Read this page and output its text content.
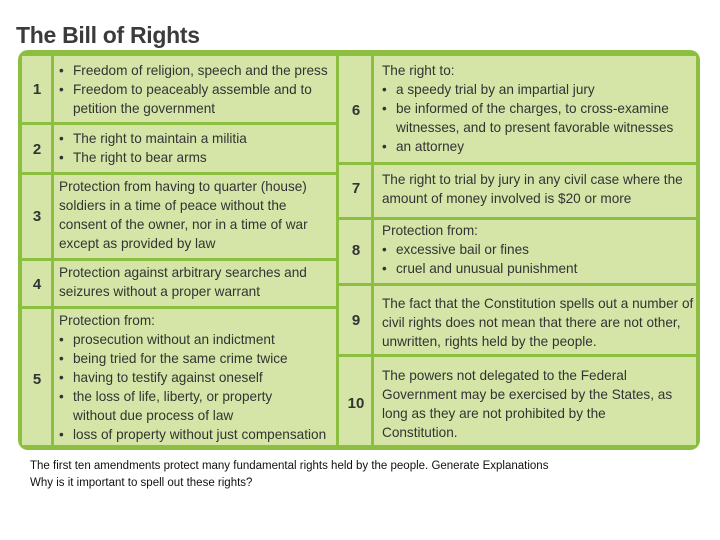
The Bill of Rights
1
2
3
4
5
6
7
8
9
10
• Freedom of religion, speech and the press
• Freedom to peaceably assemble and to petition the government
• The right to maintain a militia
• The right to bear arms
Protection from having to quarter (house) soldiers in a time of peace without the consent of the owner, nor in a time of war except as provided by law
Protection against arbitrary searches and seizures without a proper warrant
Protection from:
• prosecution without an indictment
• being tried for the same crime twice
• having to testify against oneself
• the loss of life, liberty, or property without due process of law
• loss of property without just compensation
The right to:
• a speedy trial by an impartial jury
• be informed of the charges, to cross-examine witnesses, and to present favorable witnesses
• an attorney
The right to trial by jury in any civil case where the amount of money involved is $20 or more
Protection from:
• excessive bail or fines
• cruel and unusual punishment
The fact that the Constitution spells out a number of civil rights does not mean that there are not other, unwritten, rights held by the people.
The powers not delegated to the Federal Government may be exercised by the States, as long as they are not prohibited by the Constitution.
The first ten amendments protect many fundamental rights held by the people. Generate Explanations
Why is it important to spell out these rights?
